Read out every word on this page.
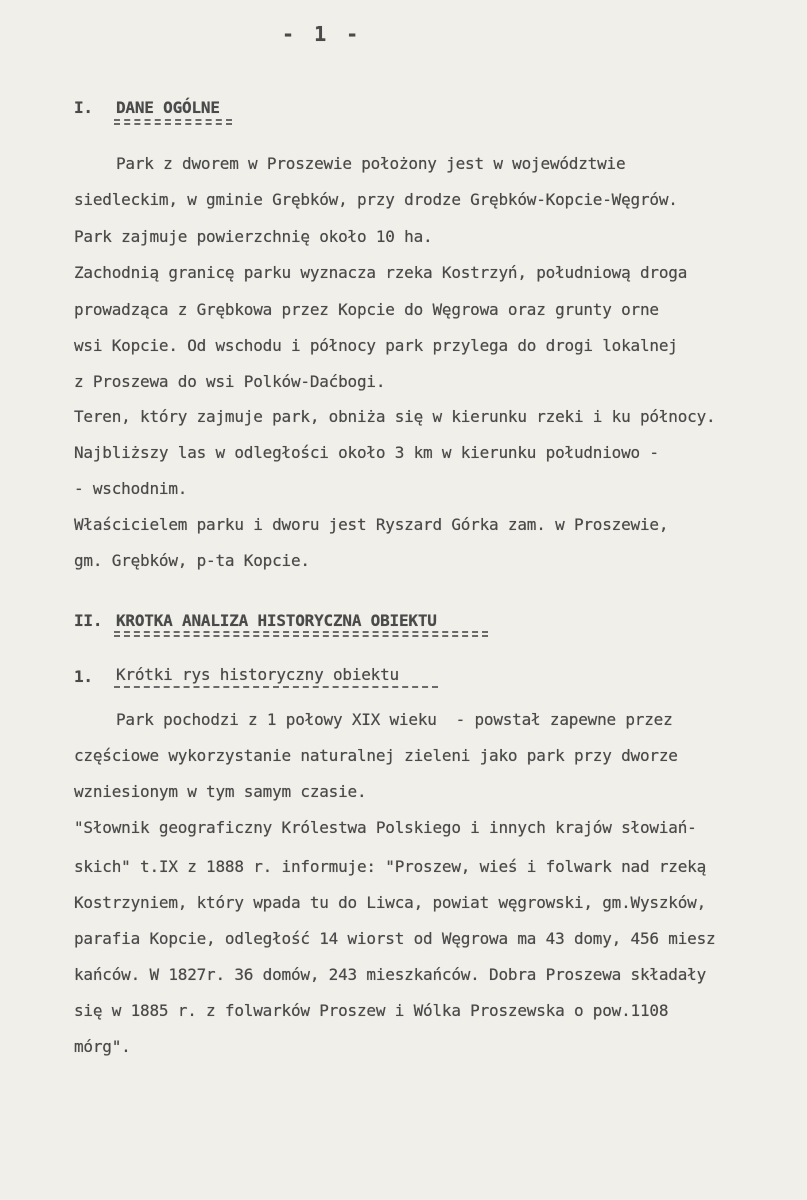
- 1 -
I. DANE OGÓLNE
Park z dworem w Proszewie położony jest w województwie
siedleckim, w gminie Grębków, przy drodze Grębków-Kopcie-Węgrów.
Park zajmuje powierzchnię około 10 ha.
Zachodnią granicę parku wyznacza rzeka Kostrzyń, południową droga
prowadząca z Grębkowa przez Kopcie do Węgrowa oraz grunty orne
wsi Kopcie. Od wschodu i północy park przylega do drogi lokalnej
z Proszewa do wsi Polków-Daćbogi.
Teren, który zajmuje park, obniża się w kierunku rzeki i ku północy.
Najbliższy las w odległości około 3 km w kierunku południowo -
- wschodnim.
Właścicielem parku i dworu jest Ryszard Górka zam. w Proszewie,
gm. Grębków, p-ta Kopcie.
II. KROTKA ANALIZA HISTORYCZNA OBIEKTU
1. Krótki rys historyczny obiektu
Park pochodzi z 1 połowy XIX wieku  - powstał zapewne przez
częściowe wykorzystanie naturalnej zieleni jako park przy dworze
wzniesionym w tym samym czasie.
"Słownik geograficzny Królestwa Polskiego i innych krajów słowiań-
skich" t.IX z 1888 r. informuje: "Proszew, wieś i folwark nad rzeką
Kostrzyniem, który wpada tu do Liwca, powiat węgrowski, gm.Wyszków,
parafia Kopcie, odległość 14 wiorst od Węgrowa ma 43 domy, 456 miesz
kańców. W 1827r. 36 domów, 243 mieszkańców. Dobra Proszewa składały
się w 1885 r. z folwarków Proszew i Wólka Proszewska o pow.1108
mórg".
